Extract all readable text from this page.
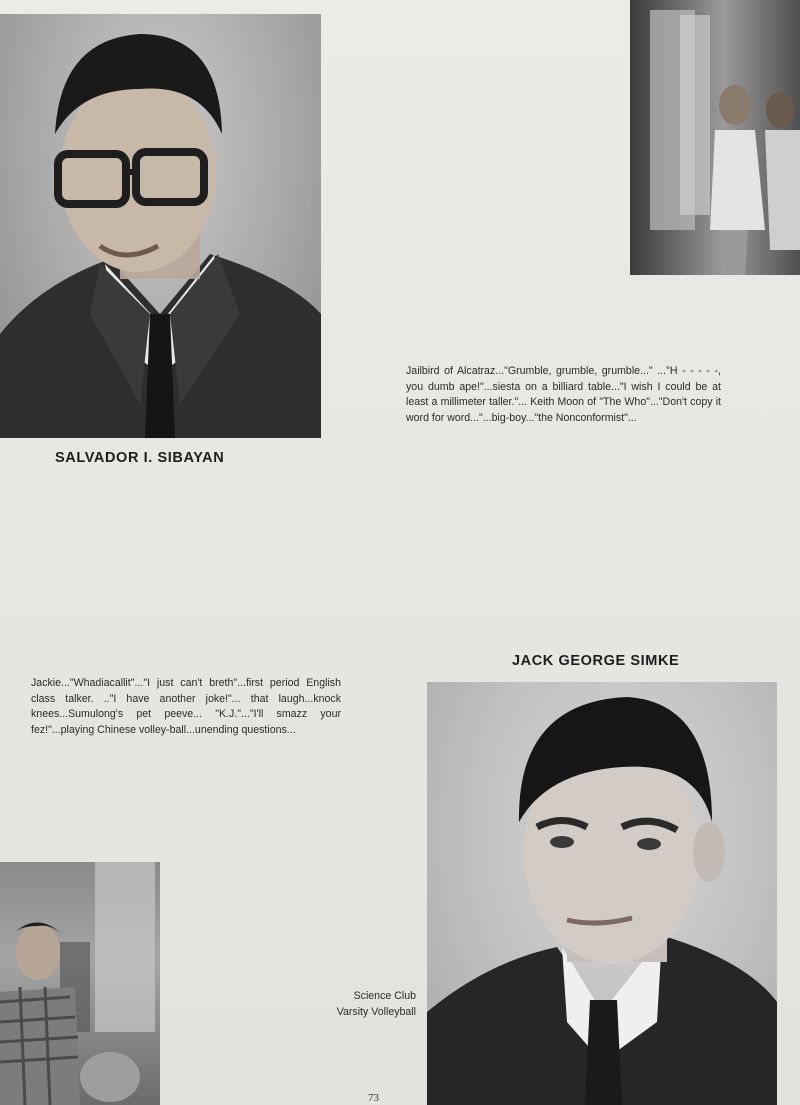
SALVADOR I. SIBAYAN
Jailbird of Alcatraz..."Grumble, grumble, grumble..." ..."H - - - - -, you dumb ape!"...siesta on a billiard table..."I wish I could be at least a millimeter taller."... Keith Moon of "The Who"..."Don't copy it word for word..."...big-boy..."the Nonconformist"...
JACK GEORGE SIMKE
Jackie..."Whadiacallit"..."I just can't breth"...first period English class talker. .."I have another joke!"... that laugh...knock knees...Sumulong's pet peeve... "K.J."..."I'll smazz your fez!"...playing Chinese volley-ball...unending questions...
Science Club
Varsity Volleyball
73
